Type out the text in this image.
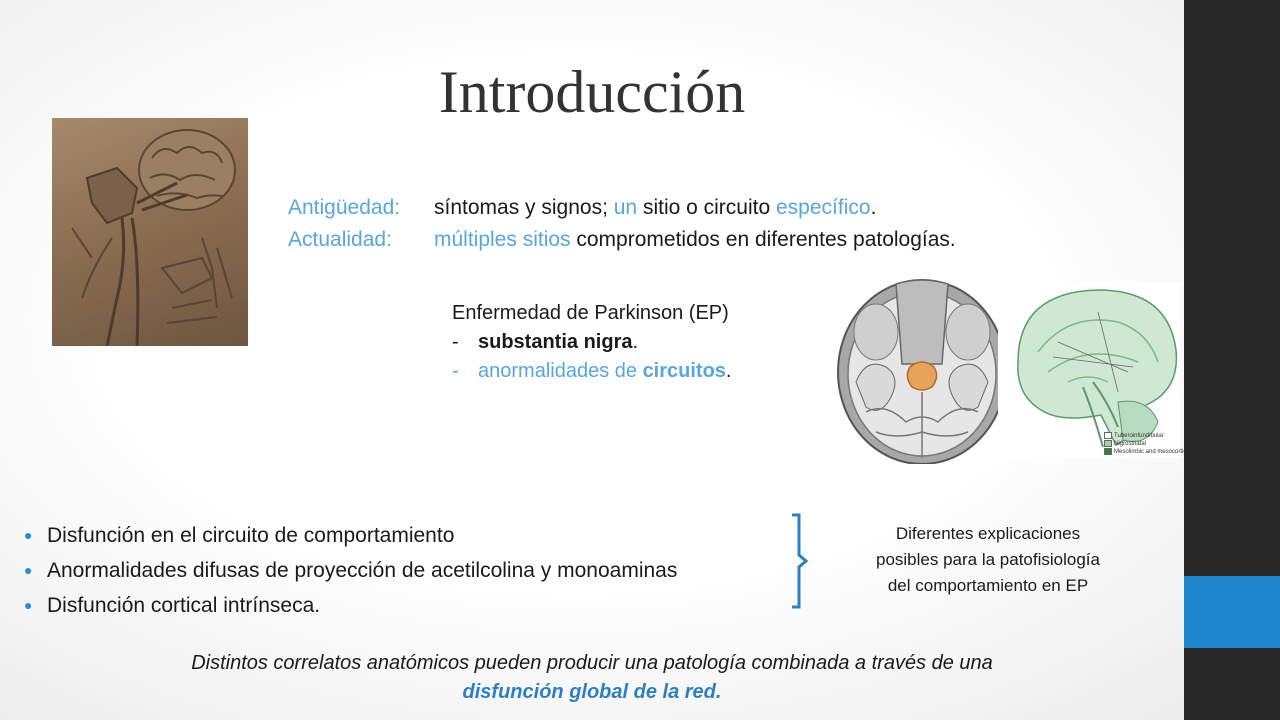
Introducción
Antigüedad: síntomas y signos; un sitio o circuito específico.
Actualidad: múltiples sitios comprometidos en diferentes patologías.
Enfermedad de Parkinson (EP)
- substantia nigra.
- anormalidades de circuitos.
Tuberoinfundibular
Nigrostriatal
Mesolimbic and mesocortical
● Disfunción en el circuito de comportamiento
● Anormalidades difusas de proyección de acetilcolina y monoaminas
● Disfunción cortical intrínseca.
Diferentes explicaciones
posibles para la patofisiología
del comportamiento en EP
Distintos correlatos anatómicos pueden producir una patología combinada a través de una
disfunción global de la red.
